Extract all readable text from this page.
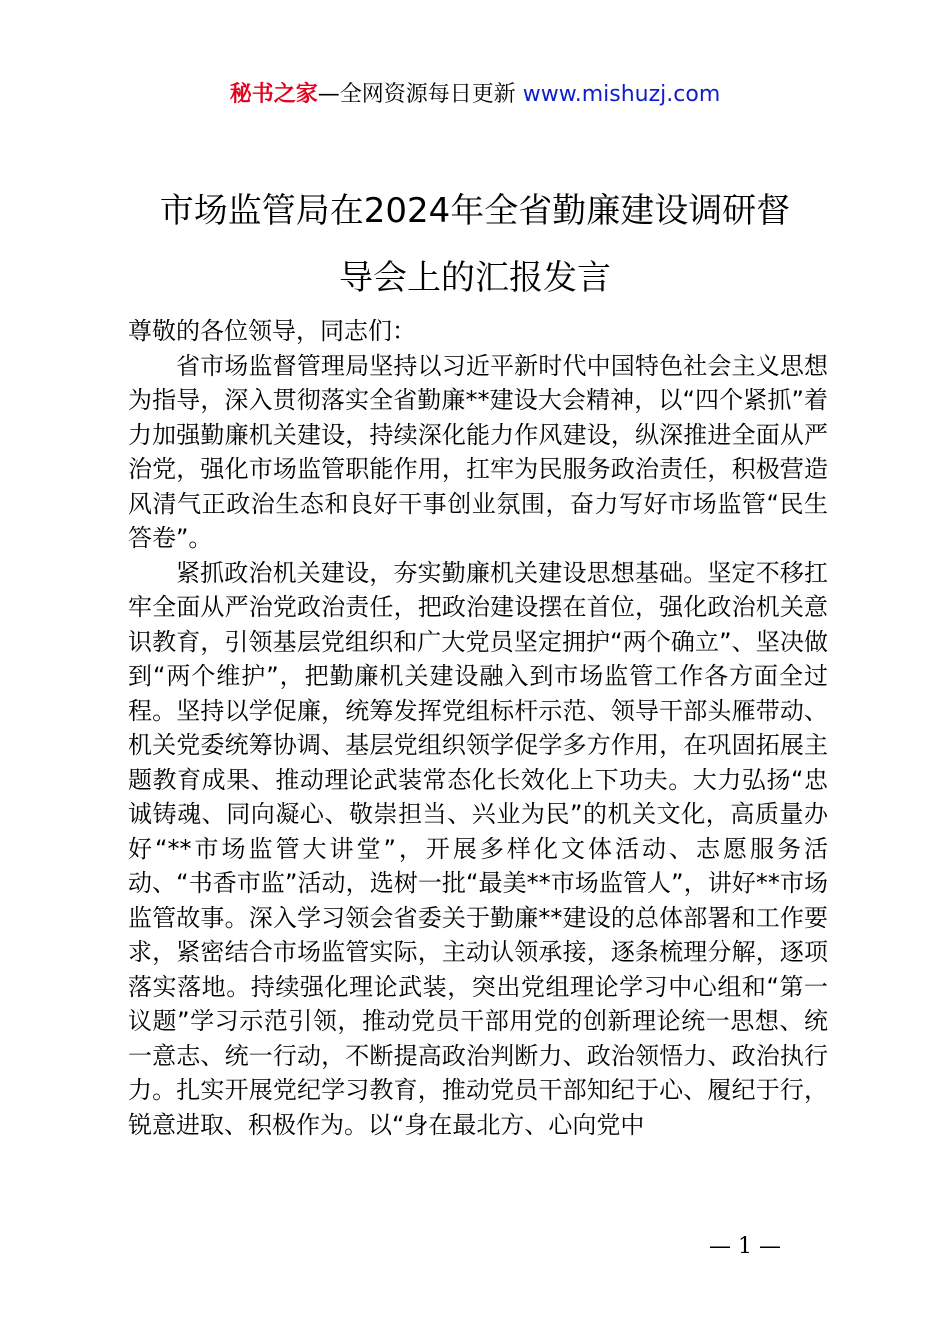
秘书之家—全网资源每日更新 www.mishuzj.com
市场监管局在2024年全省勤廉建设调研督
导会上的汇报发言

尊敬的各位领导，同志们：

省市场监督管理局坚持以习近平新时代中国特色社会主义思想为指导，深入贯彻落实全省勤廉**建设大会精神，以“四个紧抓”着力加强勤廉机关建设，持续深化能力作风建设，纵深推进全面从严治党，强化市场监管职能作用，扛牢为民服务政治责任，积极营造风清气正政治生态和良好干事创业氛围，奋力写好市场监管“民生答卷”。

紧抓政治机关建设，夯实勤廉机关建设思想基础。坚定不移扛牢全面从严治党政治责任，把政治建设摆在首位，强化政治机关意识教育，引领基层党组织和广大党员坚定拥护“两个确立”、坚决做到“两个维护”，把勤廉机关建设融入到市场监管工作各方面全过程。坚持以学促廉，统筹发挥党组标杆示范、领导干部头雁带动、机关党委统筹协调、基层党组织领学促学多方作用，在巩固拓展主题教育成果、推动理论武装常态化长效化上下功夫。大力弘扬“忠诚铸魂、同向凝心、敬崇担当、兴业为民”的机关文化，高质量办好“**市场监管大讲堂”，开展多样化文体活动、志愿服务活动、“书香市监”活动，选树一批“最美**市场监管人”，讲好**市场监管故事。深入学习领会省委关于勤廉**建设的总体部署和工作要求，紧密结合市场监管实际，主动认领承接，逐条梳理分解，逐项落实落地。持续强化理论武装，突出党组理论学习中心组和“第一议题”学习示范引领，推动党员干部用党的创新理论统一思想、统一意志、统一行动，不断提高政治判断力、政治领悟力、政治执行力。扎实开展党纪学习教育，推动党员干部知纪于心、履纪于行，锐意进取、积极作为。以“身在最北方、心向党中

— 1 —
